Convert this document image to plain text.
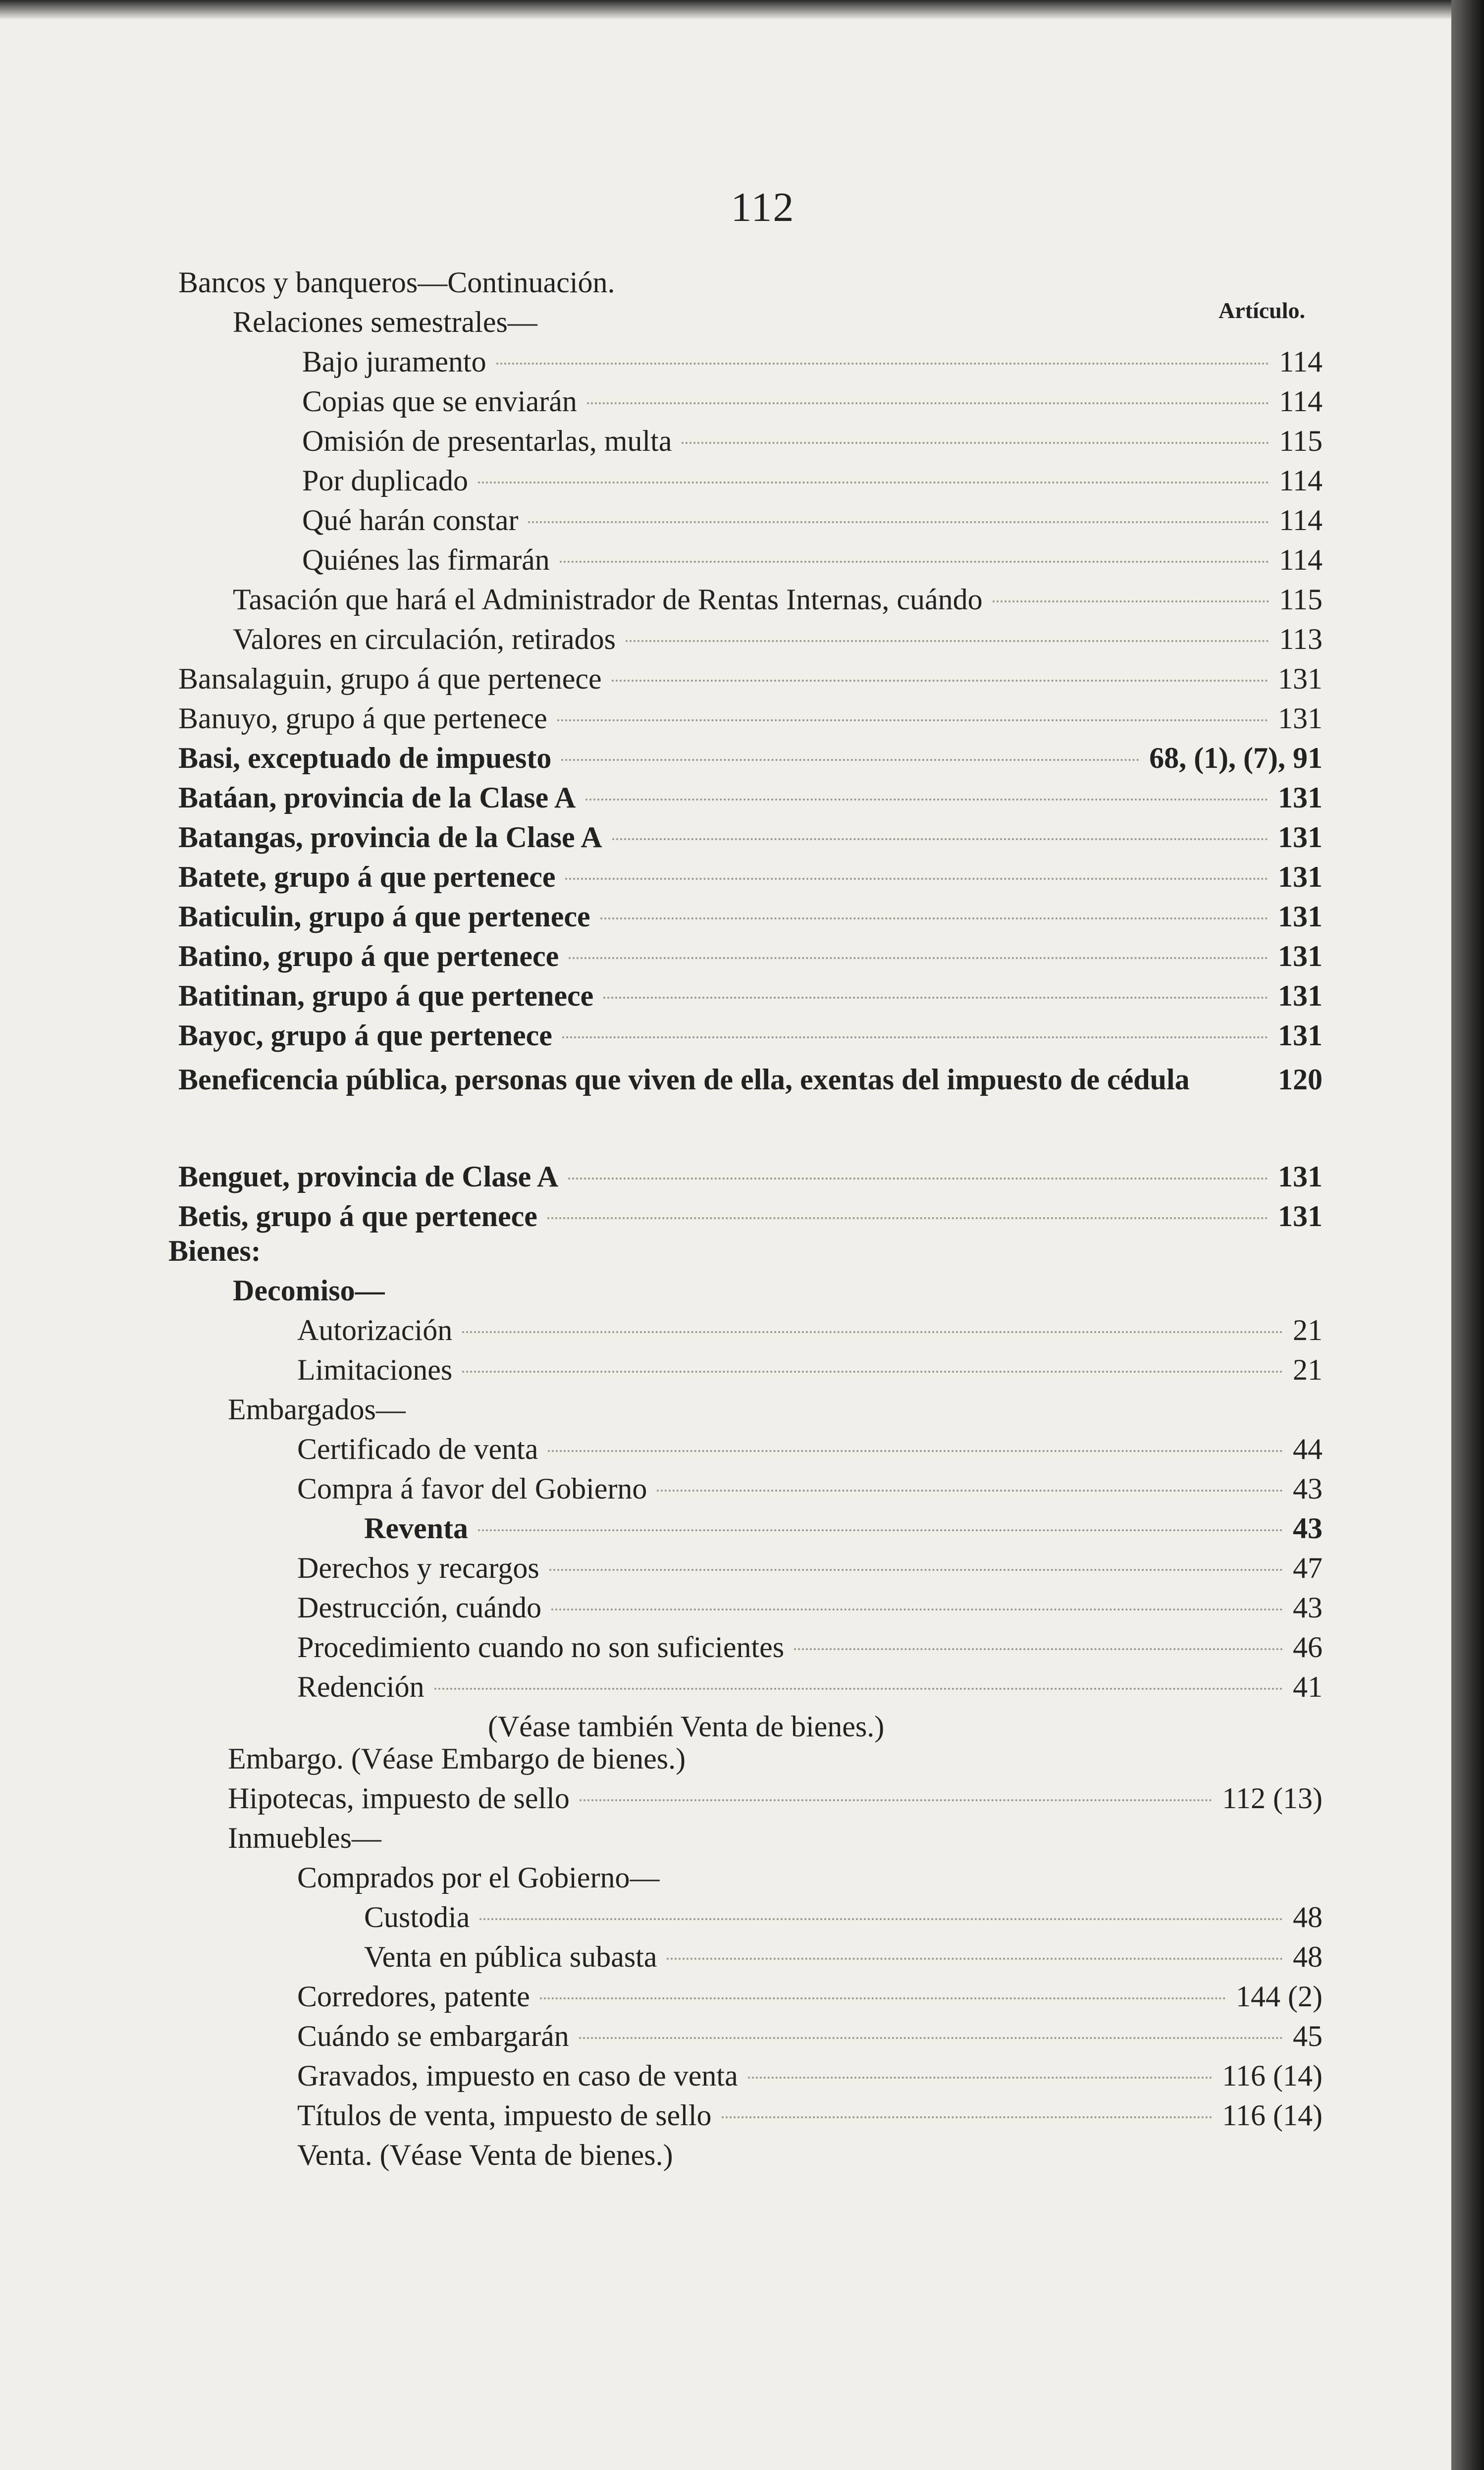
112
Artículo.
Bancos y banqueros—Continuación.
Relaciones semestrales—
Bajo juramento	114
Copias que se enviarán	114
Omisión de presentarlas, multa	115
Por duplicado	114
Qué harán constar	114
Quiénes las firmarán	114
Tasación que hará el Administrador de Rentas Internas, cuándo	115
Valores en circulación, retirados	113
Bansalaguin, grupo á que pertenece	131
Banuyo, grupo á que pertenece	131
Basi, exceptuado de impuesto	68, (1), (7), 91
Batáan, provincia de la Clase A	131
Batangas, provincia de la Clase A	131
Batete, grupo á que pertenece	131
Baticulin, grupo á que pertenece	131
Batino, grupo á que pertenece	131
Batitinan, grupo á que pertenece	131
Bayoc, grupo á que pertenece	131
Beneficencia pública, personas que viven de ella, exentas del impuesto de cédula	120
Benguet, provincia de Clase A	131
Betis, grupo á que pertenece	131
Bienes:
Decomiso—
Autorización	21
Limitaciones	21
Embargados—
Certificado de venta	44
Compra á favor del Gobierno	43
Reventa	43
Derechos y recargos	47
Destrucción, cuándo	43
Procedimiento cuando no son suficientes	46
Redención	41
(Véase también Venta de bienes.)
Embargo. (Véase Embargo de bienes.)
Hipotecas, impuesto de sello	112 (13)
Inmuebles—
Comprados por el Gobierno—
Custodia	48
Venta en pública subasta	48
Corredores, patente	144 (2)
Cuándo se embargarán	45
Gravados, impuesto en caso de venta	116 (14)
Títulos de venta, impuesto de sello	116 (14)
Venta. (Véase Venta de bienes.)
